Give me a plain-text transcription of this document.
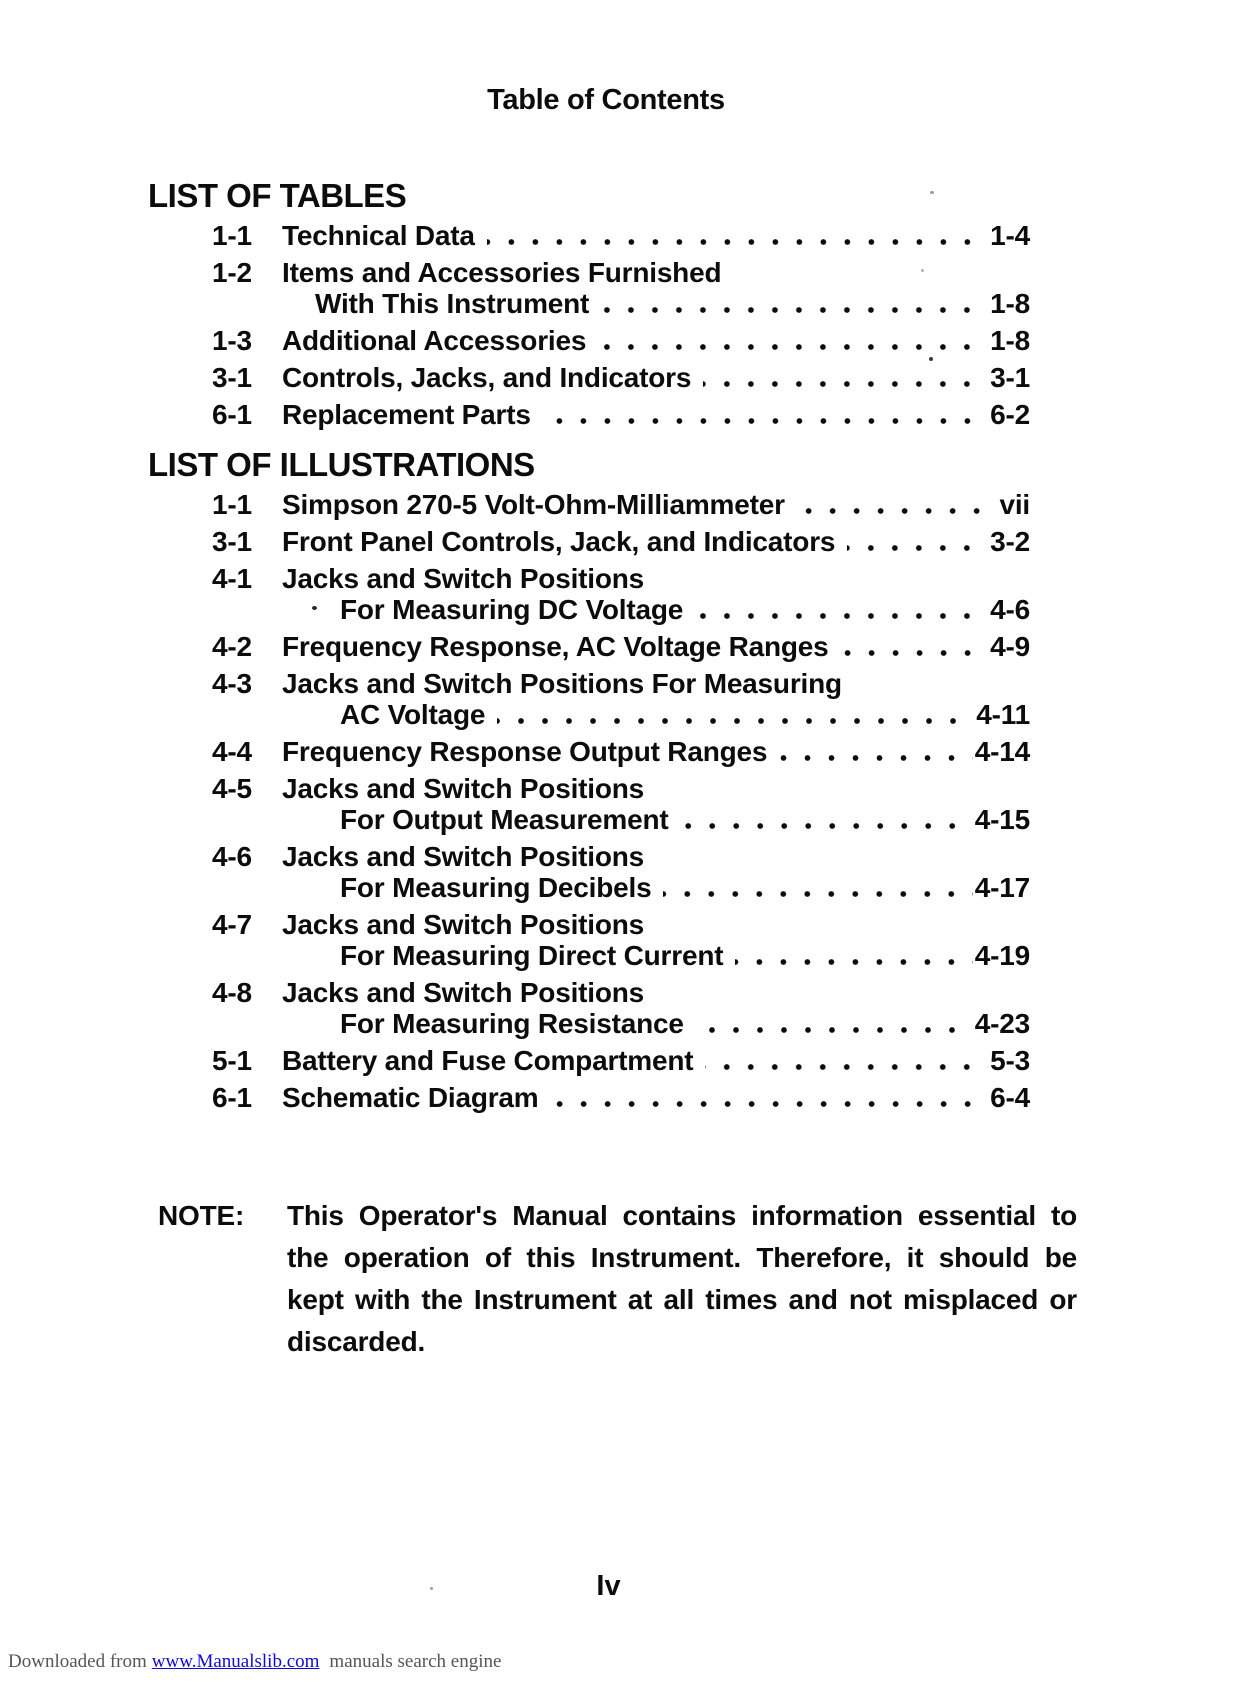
Table of Contents
LIST OF TABLES
1-1	Technical Data	1-4
1-2	Items and Accessories Furnished
With This Instrument	1-8
1-3	Additional Accessories	1-8
3-1	Controls, Jacks, and Indicators	3-1
6-1	Replacement Parts	6-2
LIST OF ILLUSTRATIONS
1-1	Simpson 270-5 Volt-Ohm-Milliammeter	vii
3-1	Front Panel Controls, Jack, and Indicators	3-2
4-1	Jacks and Switch Positions
For Measuring DC Voltage	4-6
4-2	Frequency Response, AC Voltage Ranges	4-9
4-3	Jacks and Switch Positions For Measuring
AC Voltage	4-11
4-4	Frequency Response Output Ranges	4-14
4-5	Jacks and Switch Positions
For Output Measurement	4-15
4-6	Jacks and Switch Positions
For Measuring Decibels	4-17
4-7	Jacks and Switch Positions
For Measuring Direct Current	4-19
4-8	Jacks and Switch Positions
For Measuring Resistance	4-23
5-1	Battery and Fuse Compartment	5-3
6-1	Schematic Diagram	6-4
NOTE:	This Operator's Manual contains information essential to
the operation of this Instrument. Therefore, it should be
kept with the Instrument at all times and not misplaced or
discarded.
Iv
Downloaded from www.Manualslib.com manuals search engine
